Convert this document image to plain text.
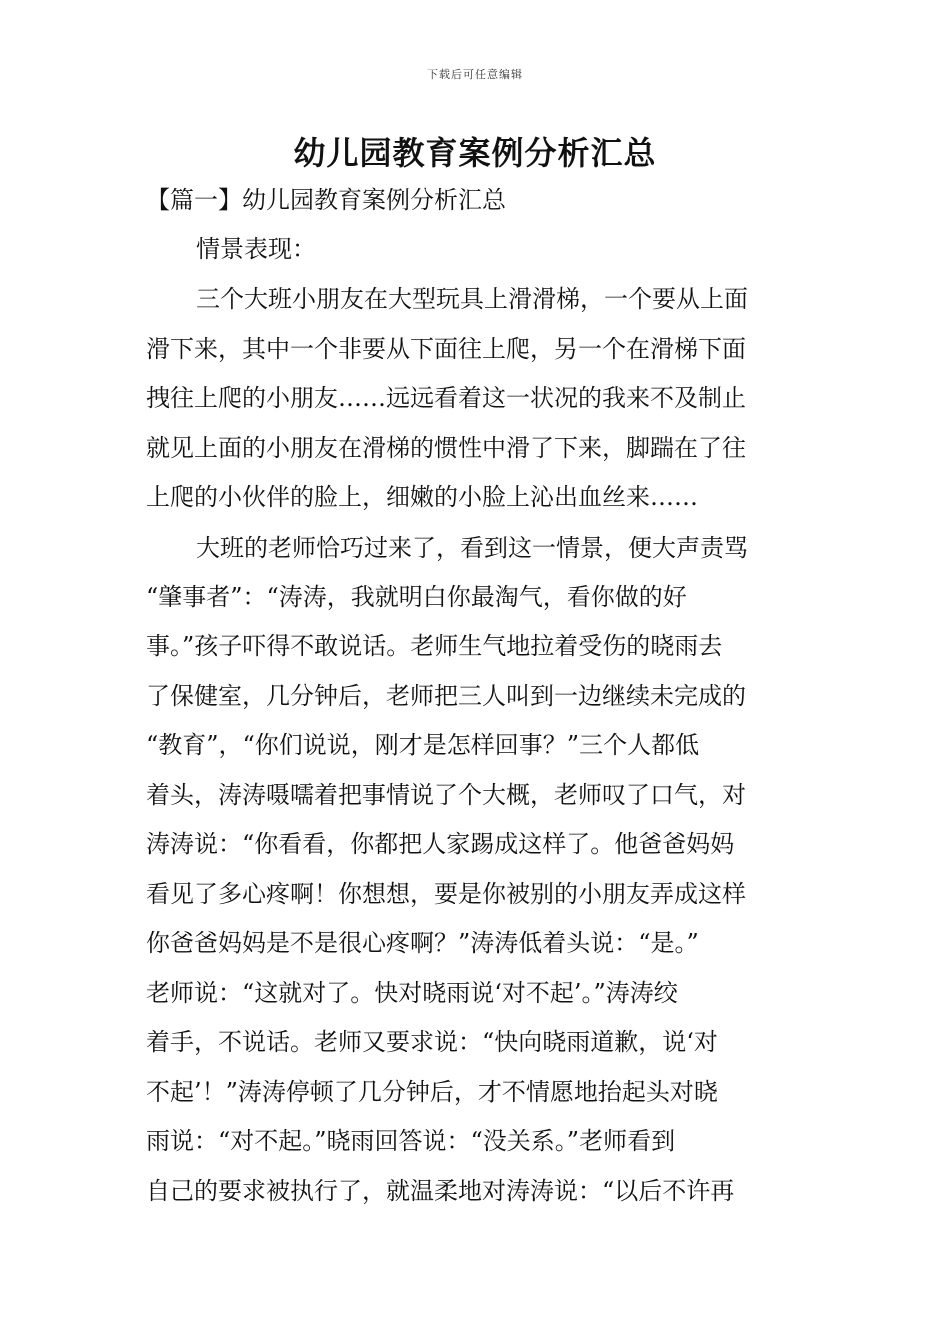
下载后可任意编辑
幼儿园教育案例分析汇总
【篇一】幼儿园教育案例分析汇总
情景表现：
三个大班小朋友在大型玩具上滑滑梯，一个要从上面
滑下来，其中一个非要从下面往上爬，另一个在滑梯下面
拽往上爬的小朋友……远远看着这一状况的我来不及制止
就见上面的小朋友在滑梯的惯性中滑了下来，脚踹在了往
上爬的小伙伴的脸上，细嫩的小脸上沁出血丝来……
大班的老师恰巧过来了，看到这一情景，便大声责骂
“肇事者”：“涛涛，我就明白你最淘气，看你做的好
事。”孩子吓得不敢说话。老师生气地拉着受伤的晓雨去
了保健室，几分钟后，老师把三人叫到一边继续未完成的
“教育”，“你们说说，刚才是怎样回事？”三个人都低
着头，涛涛嗫嚅着把事情说了个大概，老师叹了口气，对
涛涛说：“你看看，你都把人家踢成这样了。他爸爸妈妈
看见了多心疼啊！你想想，要是你被别的小朋友弄成这样
你爸爸妈妈是不是很心疼啊？”涛涛低着头说：“是。”
老师说：“这就对了。快对晓雨说‘对不起’。”涛涛绞
着手，不说话。老师又要求说：“快向晓雨道歉，说‘对
不起’！”涛涛停顿了几分钟后，才不情愿地抬起头对晓
雨说：“对不起。”晓雨回答说：“没关系。”老师看到
自己的要求被执行了，就温柔地对涛涛说：“以后不许再
